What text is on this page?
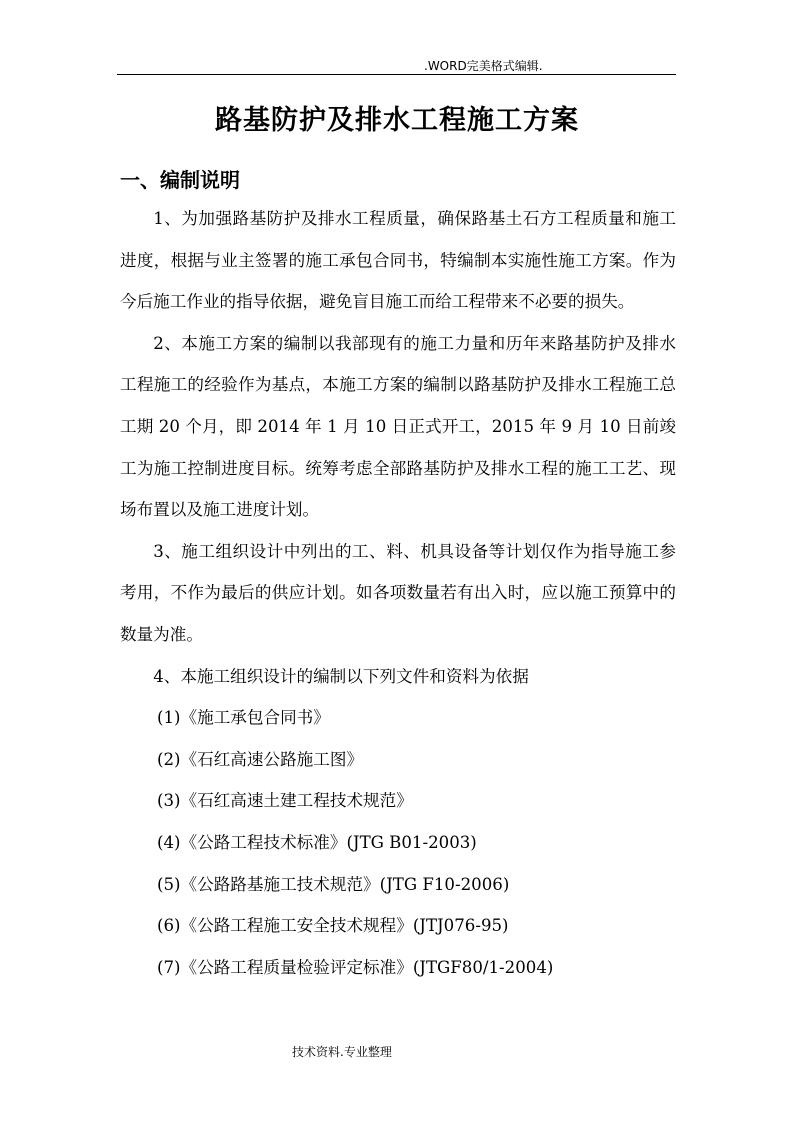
.WORD完美格式编辑.
路基防护及排水工程施工方案
一、编制说明

1、为加强路基防护及排水工程质量，确保路基土石方工程质量和施工进度，根据与业主签署的施工承包合同书，特编制本实施性施工方案。作为今后施工作业的指导依据，避免盲目施工而给工程带来不必要的损失。

2、本施工方案的编制以我部现有的施工力量和历年来路基防护及排水工程施工的经验作为基点，本施工方案的编制以路基防护及排水工程施工总工期 20 个月，即 2014 年 1 月 10 日正式开工，2015 年 9 月 10 日前竣工为施工控制进度目标。统筹考虑全部路基防护及排水工程的施工工艺、现场布置以及施工进度计划。

3、施工组织设计中列出的工、料、机具设备等计划仅作为指导施工参考用，不作为最后的供应计划。如各项数量若有出入时，应以施工预算中的数量为准。

4、本施工组织设计的编制以下列文件和资料为依据

(1)《施工承包合同书》

(2)《石红高速公路施工图》

(3)《石红高速土建工程技术规范》

(4)《公路工程技术标准》(JTG B01-2003)

(5)《公路路基施工技术规范》(JTG F10-2006)

(6)《公路工程施工安全技术规程》(JTJ076-95)

(7)《公路工程质量检验评定标准》(JTGF80/1-2004)

技术资料.专业整理
